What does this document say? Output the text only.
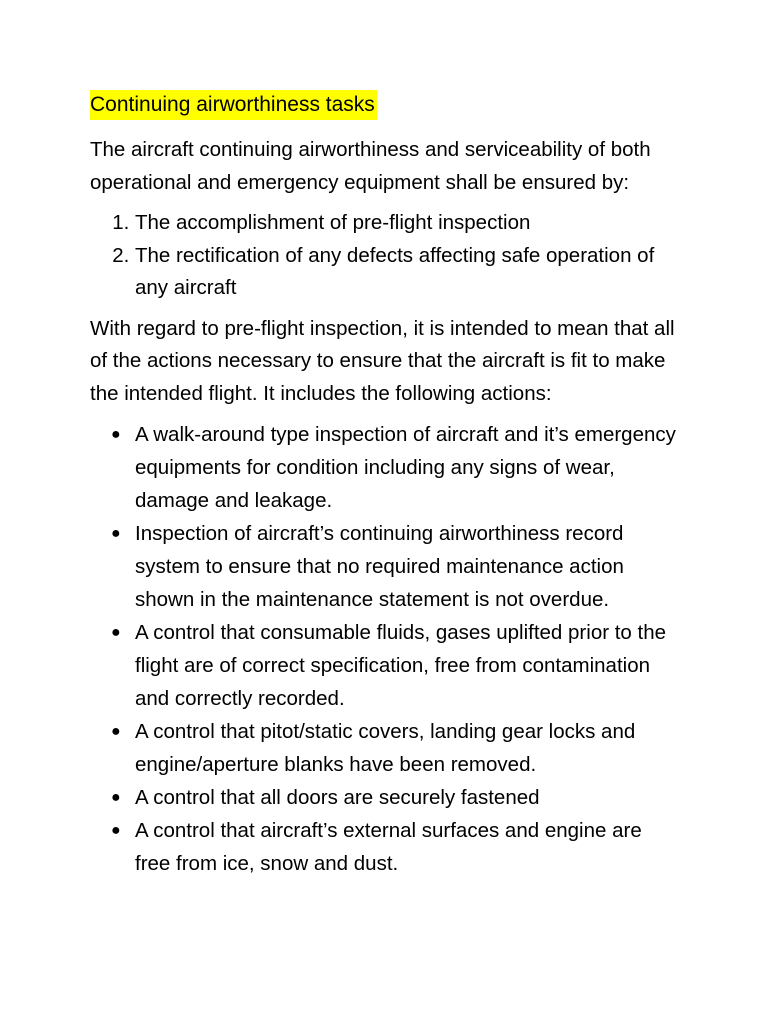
Continuing airworthiness tasks

The aircraft continuing airworthiness and serviceability of both operational and emergency equipment shall be ensured by:

1. The accomplishment of pre-flight inspection
2. The rectification of any defects affecting safe operation of any aircraft

With regard to pre-flight inspection, it is intended to mean that all of the actions necessary to ensure that the aircraft is fit to make the intended flight. It includes the following actions:

● A walk-around type inspection of aircraft and it’s emergency equipments for condition including any signs of wear, damage and leakage.
● Inspection of aircraft’s continuing airworthiness record system to ensure that no required maintenance action shown in the maintenance statement is not overdue.
● A control that consumable fluids, gases uplifted prior to the flight are of correct specification, free from contamination and correctly recorded.
● A control that pitot/static covers, landing gear locks and engine/aperture blanks have been removed.
● A control that all doors are securely fastened
● A control that aircraft’s external surfaces and engine are free from ice, snow and dust.
